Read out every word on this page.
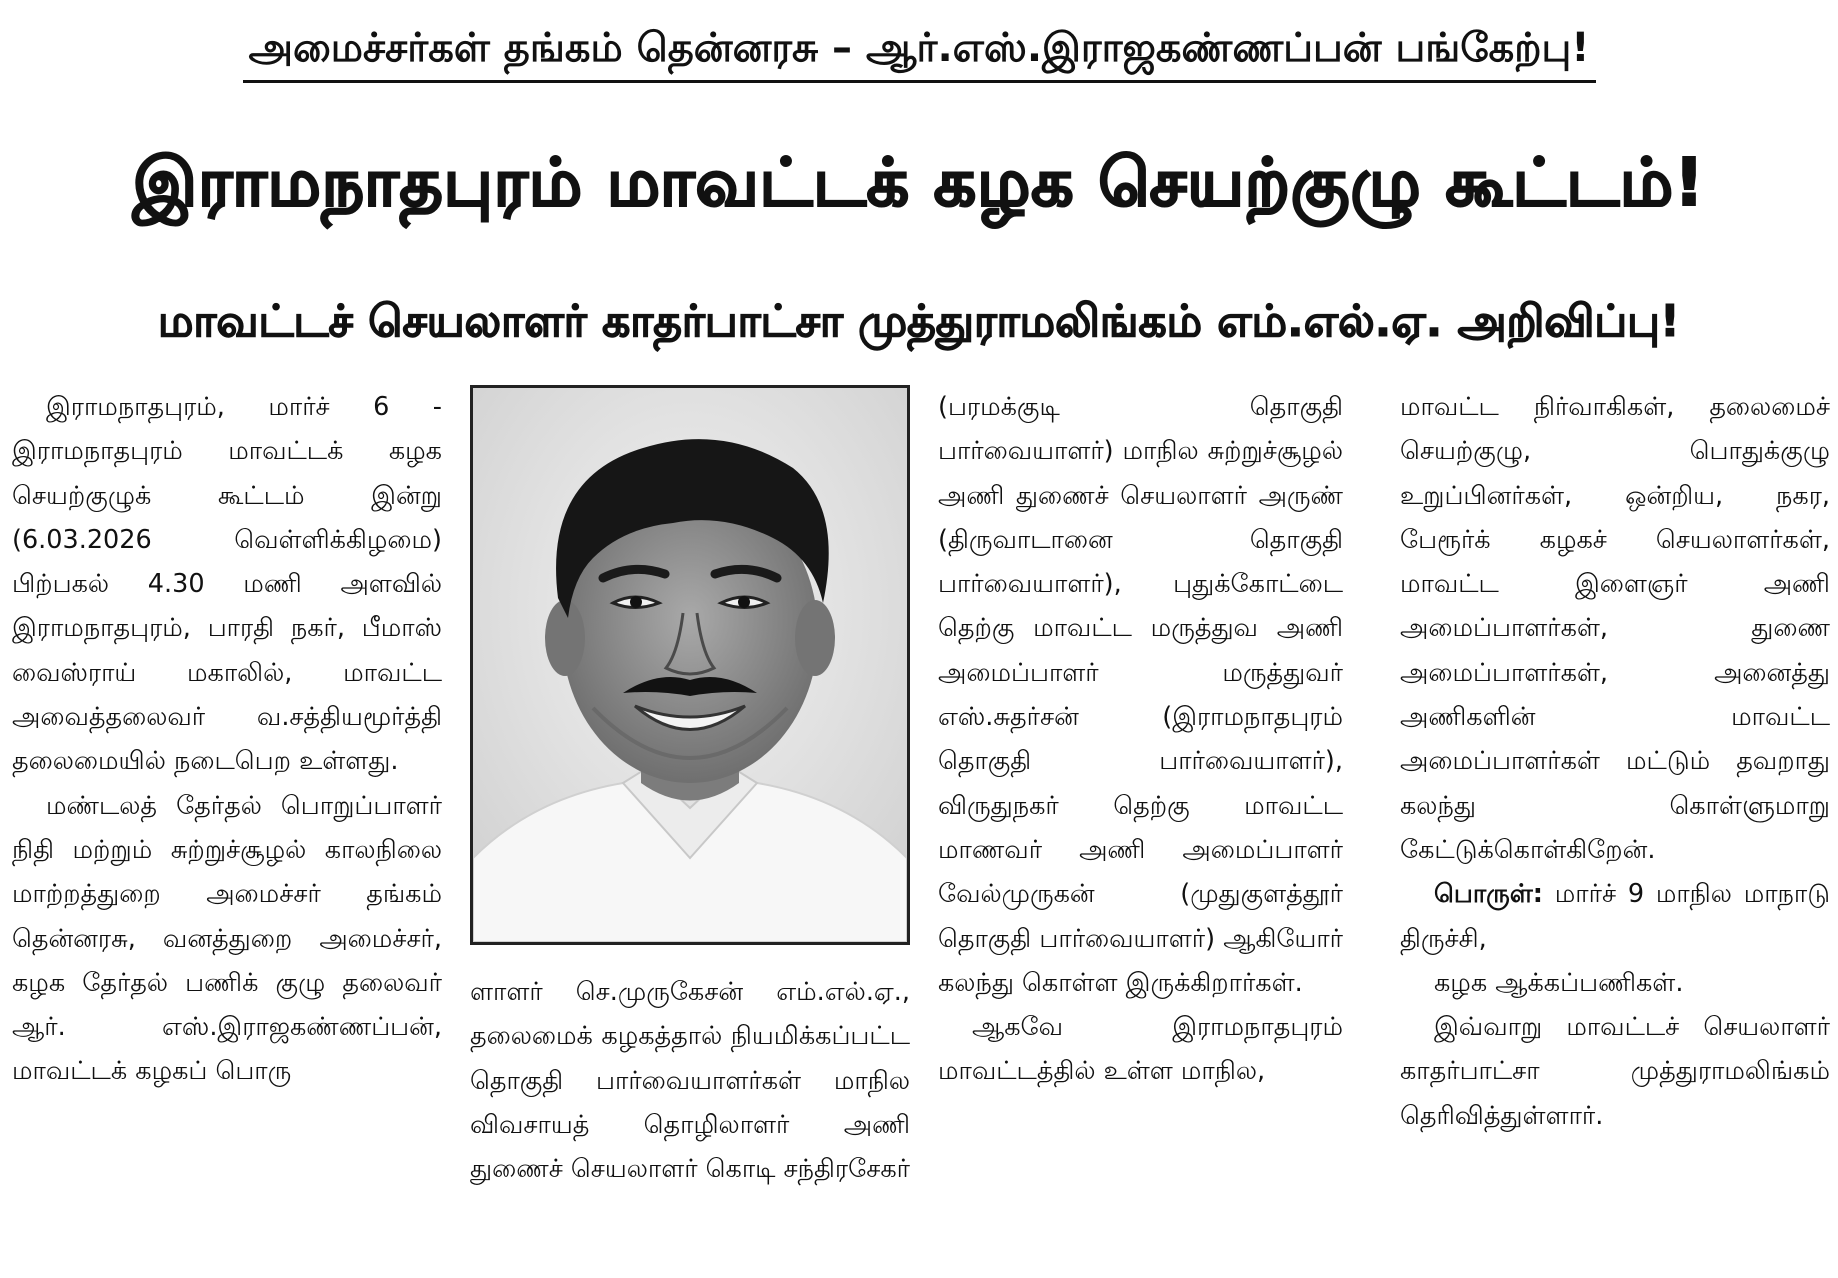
அமைச்சர்கள் தங்கம் தென்னரசு – ஆர்.எஸ்.இராஜகண்ணப்பன் பங்கேற்பு!
இராமநாதபுரம் மாவட்டக் கழக செயற்குழு கூட்டம்!
மாவட்டச் செயலாளர் காதர்பாட்சா முத்துராமலிங்கம் எம்.எல்.ஏ. அறிவிப்பு!

இராமநாதபுரம், மார்ச் 6 - இராமநாதபுரம் மாவட்டக் கழக செயற்குழுக் கூட்டம் இன்று (6.03.2026 வெள்ளிக்கிழமை) பிற்பகல் 4.30 மணி அளவில் இராமநாதபுரம், பாரதி நகர், பீமாஸ் வைஸ்ராய் மகாலில், மாவட்ட அவைத்தலைவர் வ.சத்தியமூர்த்தி தலைமையில் நடைபெற உள்ளது.

மண்டலத் தேர்தல் பொறுப்பாளர் நிதி மற்றும் சுற்றுச்சூழல் காலநிலை மாற்றத்துறை அமைச்சர் தங்கம் தென்னரசு, வனத்துறை அமைச்சர், கழக தேர்தல் பணிக் குழு தலைவர் ஆர். எஸ்.இராஜகண்ணப்பன், மாவட்டக் கழகப் பொரு

ளாளர் செ.முருகேசன் எம்.எல்.ஏ., தலைமைக் கழகத்தால் நியமிக்கப்பட்ட தொகுதி பார்வையாளர்கள் மாநில விவசாயத் தொழிலாளர் அணி துணைச் செயலாளர் கொடி சந்திரசேகர்

(பரமக்குடி தொகுதி பார்வையாளர்) மாநில சுற்றுச்சூழல் அணி துணைச் செயலாளர் அருண் (திருவாடானை தொகுதி பார்வையாளர்), புதுக்கோட்டை தெற்கு மாவட்ட மருத்துவ அணி அமைப்பாளர் மருத்துவர் எஸ்.சுதர்சன் (இராமநாதபுரம் தொகுதி பார்வையாளர்), விருதுநகர் தெற்கு மாவட்ட மாணவர் அணி அமைப்பாளர் வேல்முருகன் (முதுகுளத்தூர் தொகுதி பார்வையாளர்) ஆகியோர் கலந்து கொள்ள இருக்கிறார்கள்.

ஆகவே இராமநாதபுரம் மாவட்டத்தில் உள்ள மாநில,

மாவட்ட நிர்வாகிகள், தலைமைச் செயற்குழு, பொதுக்குழு உறுப்பினர்கள், ஒன்றிய, நகர, பேரூர்க் கழகச் செயலாளர்கள், மாவட்ட இளைஞர் அணி அமைப்பாளர்கள், துணை அமைப்பாளர்கள், அனைத்து அணிகளின் மாவட்ட அமைப்பாளர்கள் மட்டும் தவறாது கலந்து கொள்ளுமாறு கேட்டுக்கொள்கிறேன்.

பொருள்: மார்ச் 9 மாநில மாநாடு திருச்சி,

கழக ஆக்கப்பணிகள்.

இவ்வாறு மாவட்டச் செயலாளர் காதர்பாட்சா முத்துராமலிங்கம் தெரிவித்துள்ளார்.
